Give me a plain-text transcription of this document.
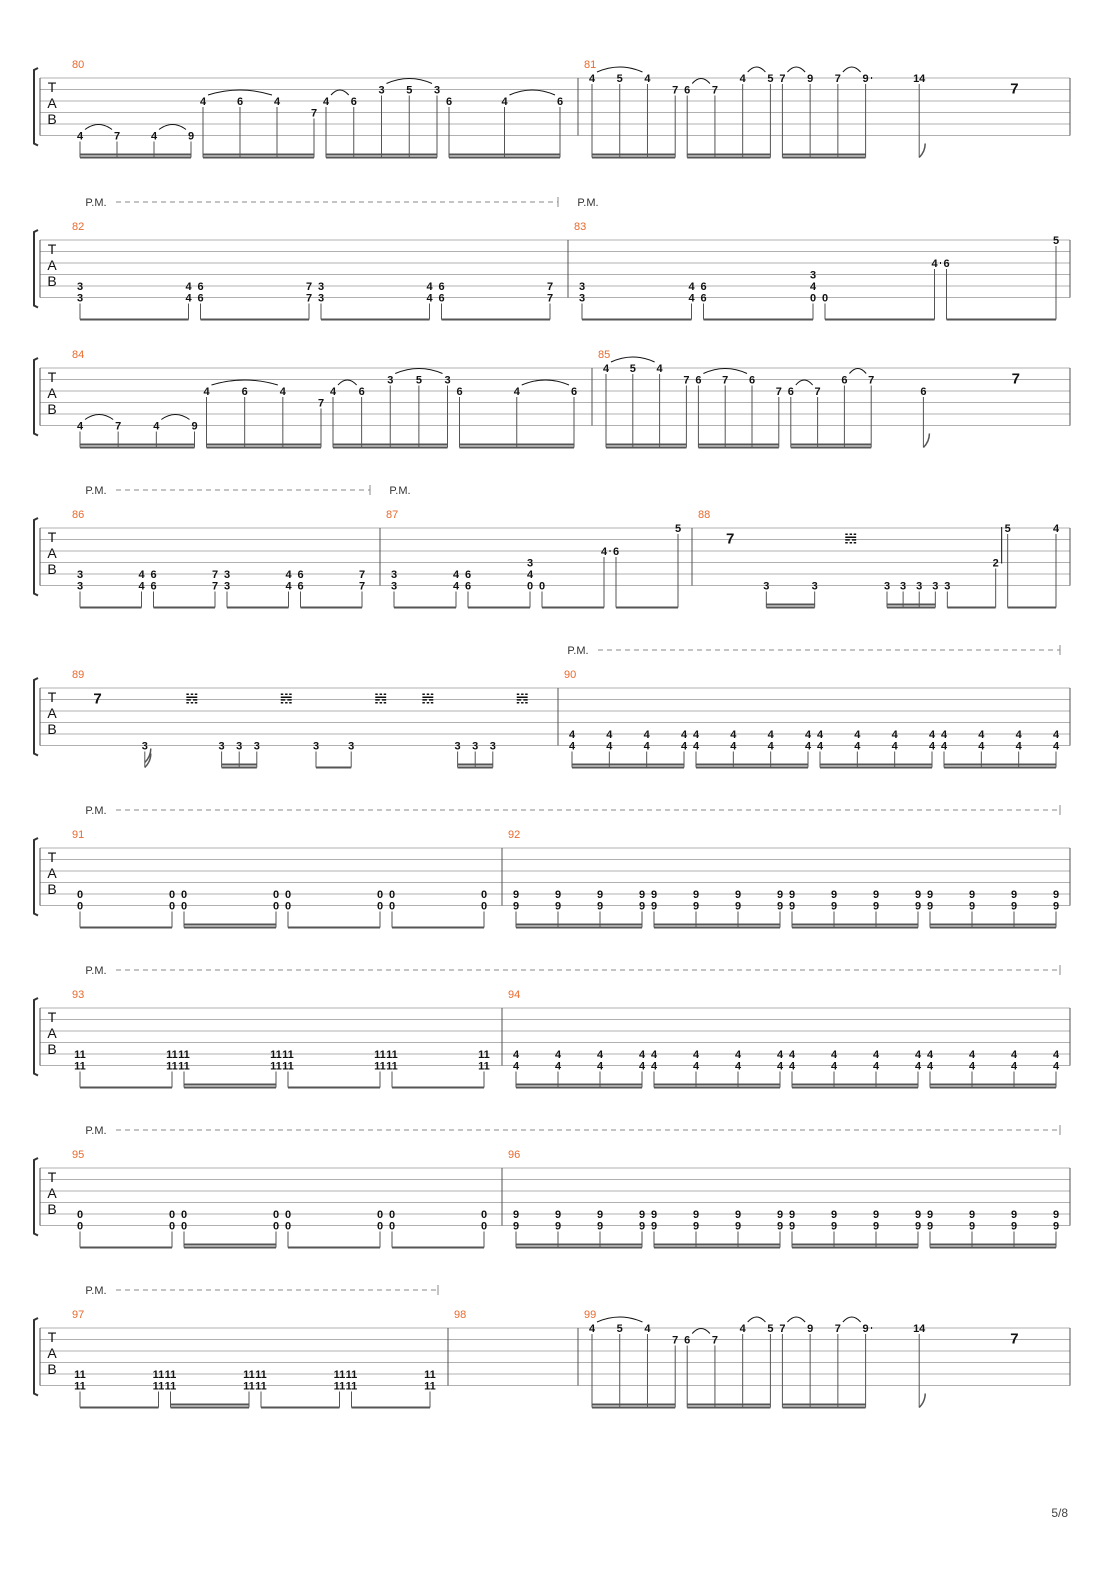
T
A
B
80
4	7	4	9
4	6	4
7
4 6
3 5 3
6	4	6
81
4 5 4
7 6 7
4 5 7 9 7 9	14
7
T
A
B
82
3
3
4
4
6
6
7
7
3
3
4
4
6
6
7
7
83
3
3
4
4
6
6
3
4
0 0
4 6
5
P.M.	P.M.
T
A
B
84
4	7	4	9
4	6	4
7
4 6
3 5 3
6	4	6
85
4 5 4
7 6 7 6
7 6 7
6 7
6
7
T
A
B
86
3
3
4
4
6
6
7
7
3
3
4
4
6
6
7
7
87
3
3
4
4
6
6
3
4
0 0
4 6
5
88
7
3	3
𝍁
3 3 3 3 3
2
5	4
P.M.	P.M.
T
A
B
89
7
3
𝍁
3 3 3
𝍁
3	3
𝍁 𝍁
3 3 3
𝍁
90
4
4
4
4
4
4
4
4
4
4
4
4
4
4
4
4
4
4
4
4
4
4
4
4
4
4
4
4
4
4
4
4
P.M.
T
A
B
91
0
0
0
0
0
0
0
0
0
0
0
0
0
0
0
0
92
9
9
9
9
9
9
9
9
9
9
9
9
9
9
9
9
9
9
9
9
9
9
9
9
9
9
9
9
9
9
9
9
P.M.
T
A
B
93
11
11
11
11
11
11
11
11
11
11
11
11
11
11
11
11
94
4
4
4
4
4
4
4
4
4
4
4
4
4
4
4
4
4
4
4
4
4
4
4
4
4
4
4
4
4
4
4
4
P.M.
T
A
B
95
0
0
0
0
0
0
0
0
0
0
0
0
0
0
0
0
96
9
9
9
9
9
9
9
9
9
9
9
9
9
9
9
9
9
9
9
9
9
9
9
9
9
9
9
9
9
9
9
9
P.M.
T
A
B
97
11
11
11
11
11
11
11
11
11
11
11
11
11
11
11
11
98	99
4 5 4
7 6 7
4 5 7 9 7 9	14
7
P.M.
5/8
